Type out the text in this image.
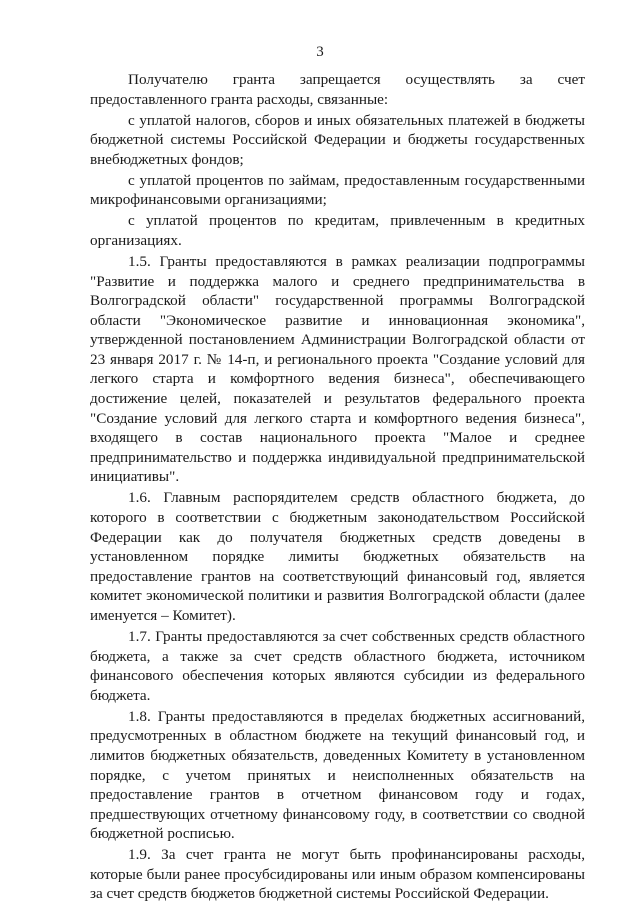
3

Получателю гранта запрещается осуществлять за счет предоставленного гранта расходы, связанные:

с уплатой налогов, сборов и иных обязательных платежей в бюджеты бюджетной системы Российской Федерации и бюджеты государственных внебюджетных фондов;

с уплатой процентов по займам, предоставленным государственными микрофинансовыми организациями;

с уплатой процентов по кредитам, привлеченным в кредитных организациях.

1.5. Гранты предоставляются в рамках реализации подпрограммы "Развитие и поддержка малого и среднего предпринимательства в Волгоградской области" государственной программы Волгоградской области "Экономическое развитие и инновационная экономика", утвержденной постановлением Администрации Волгоградской области от 23 января 2017 г. № 14-п, и регионального проекта "Создание условий для легкого старта и комфортного ведения бизнеса", обеспечивающего достижение целей, показателей и результатов федерального проекта "Создание условий для легкого старта и комфортного ведения бизнеса", входящего в состав национального проекта "Малое и среднее предпринимательство и поддержка индивидуальной предпринимательской инициативы".

1.6. Главным распорядителем средств областного бюджета, до которого в соответствии с бюджетным законодательством Российской Федерации как до получателя бюджетных средств доведены в установленном порядке лимиты бюджетных обязательств на предоставление грантов на соответствующий финансовый год, является комитет экономической политики и развития Волгоградской области (далее именуется – Комитет).

1.7. Гранты предоставляются за счет собственных средств областного бюджета, а также за счет средств областного бюджета, источником финансового обеспечения которых являются субсидии из федерального бюджета.

1.8. Гранты предоставляются в пределах бюджетных ассигнований, предусмотренных в областном бюджете на текущий финансовый год, и лимитов бюджетных обязательств, доведенных Комитету в установленном порядке, с учетом принятых и неисполненных обязательств на предоставление грантов в отчетном финансовом году и годах, предшествующих отчетному финансовому году, в соответствии со сводной бюджетной росписью.

1.9. За счет гранта не могут быть профинансированы расходы, которые были ранее просубсидированы или иным образом компенсированы за счет средств бюджетов бюджетной системы Российской Федерации.
